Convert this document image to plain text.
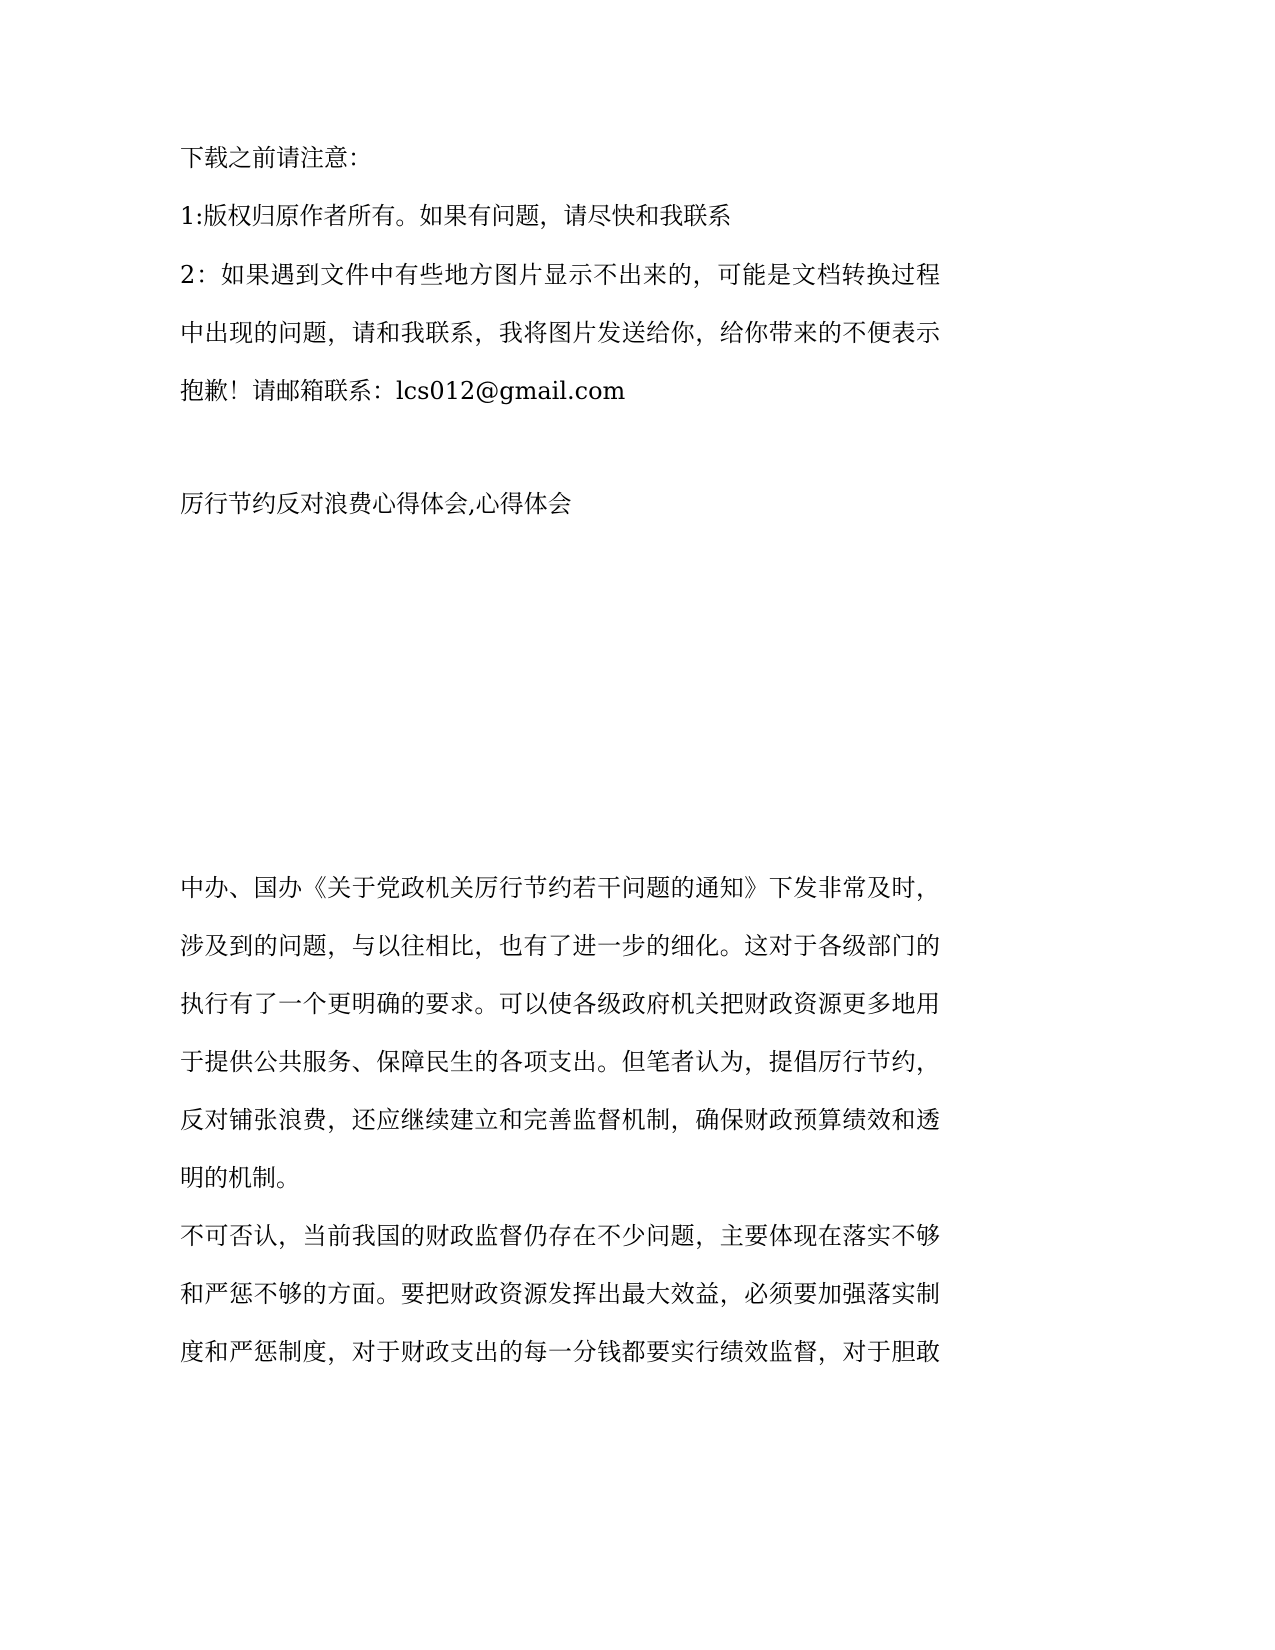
下载之前请注意：
1:版权归原作者所有。如果有问题，请尽快和我联系
2：如果遇到文件中有些地方图片显示不出来的，可能是文档转换过程
中出现的问题，请和我联系，我将图片发送给你，给你带来的不便表示
抱歉！请邮箱联系：lcs012@gmail.com
厉行节约反对浪费心得体会,心得体会
中办、国办《关于党政机关厉行节约若干问题的通知》下发非常及时，
涉及到的问题，与以往相比，也有了进一步的细化。这对于各级部门的
执行有了一个更明确的要求。可以使各级政府机关把财政资源更多地用
于提供公共服务、保障民生的各项支出。但笔者认为，提倡厉行节约，
反对铺张浪费，还应继续建立和完善监督机制，确保财政预算绩效和透
明的机制。
不可否认，当前我国的财政监督仍存在不少问题，主要体现在落实不够
和严惩不够的方面。要把财政资源发挥出最大效益，必须要加强落实制
度和严惩制度，对于财政支出的每一分钱都要实行绩效监督，对于胆敢
